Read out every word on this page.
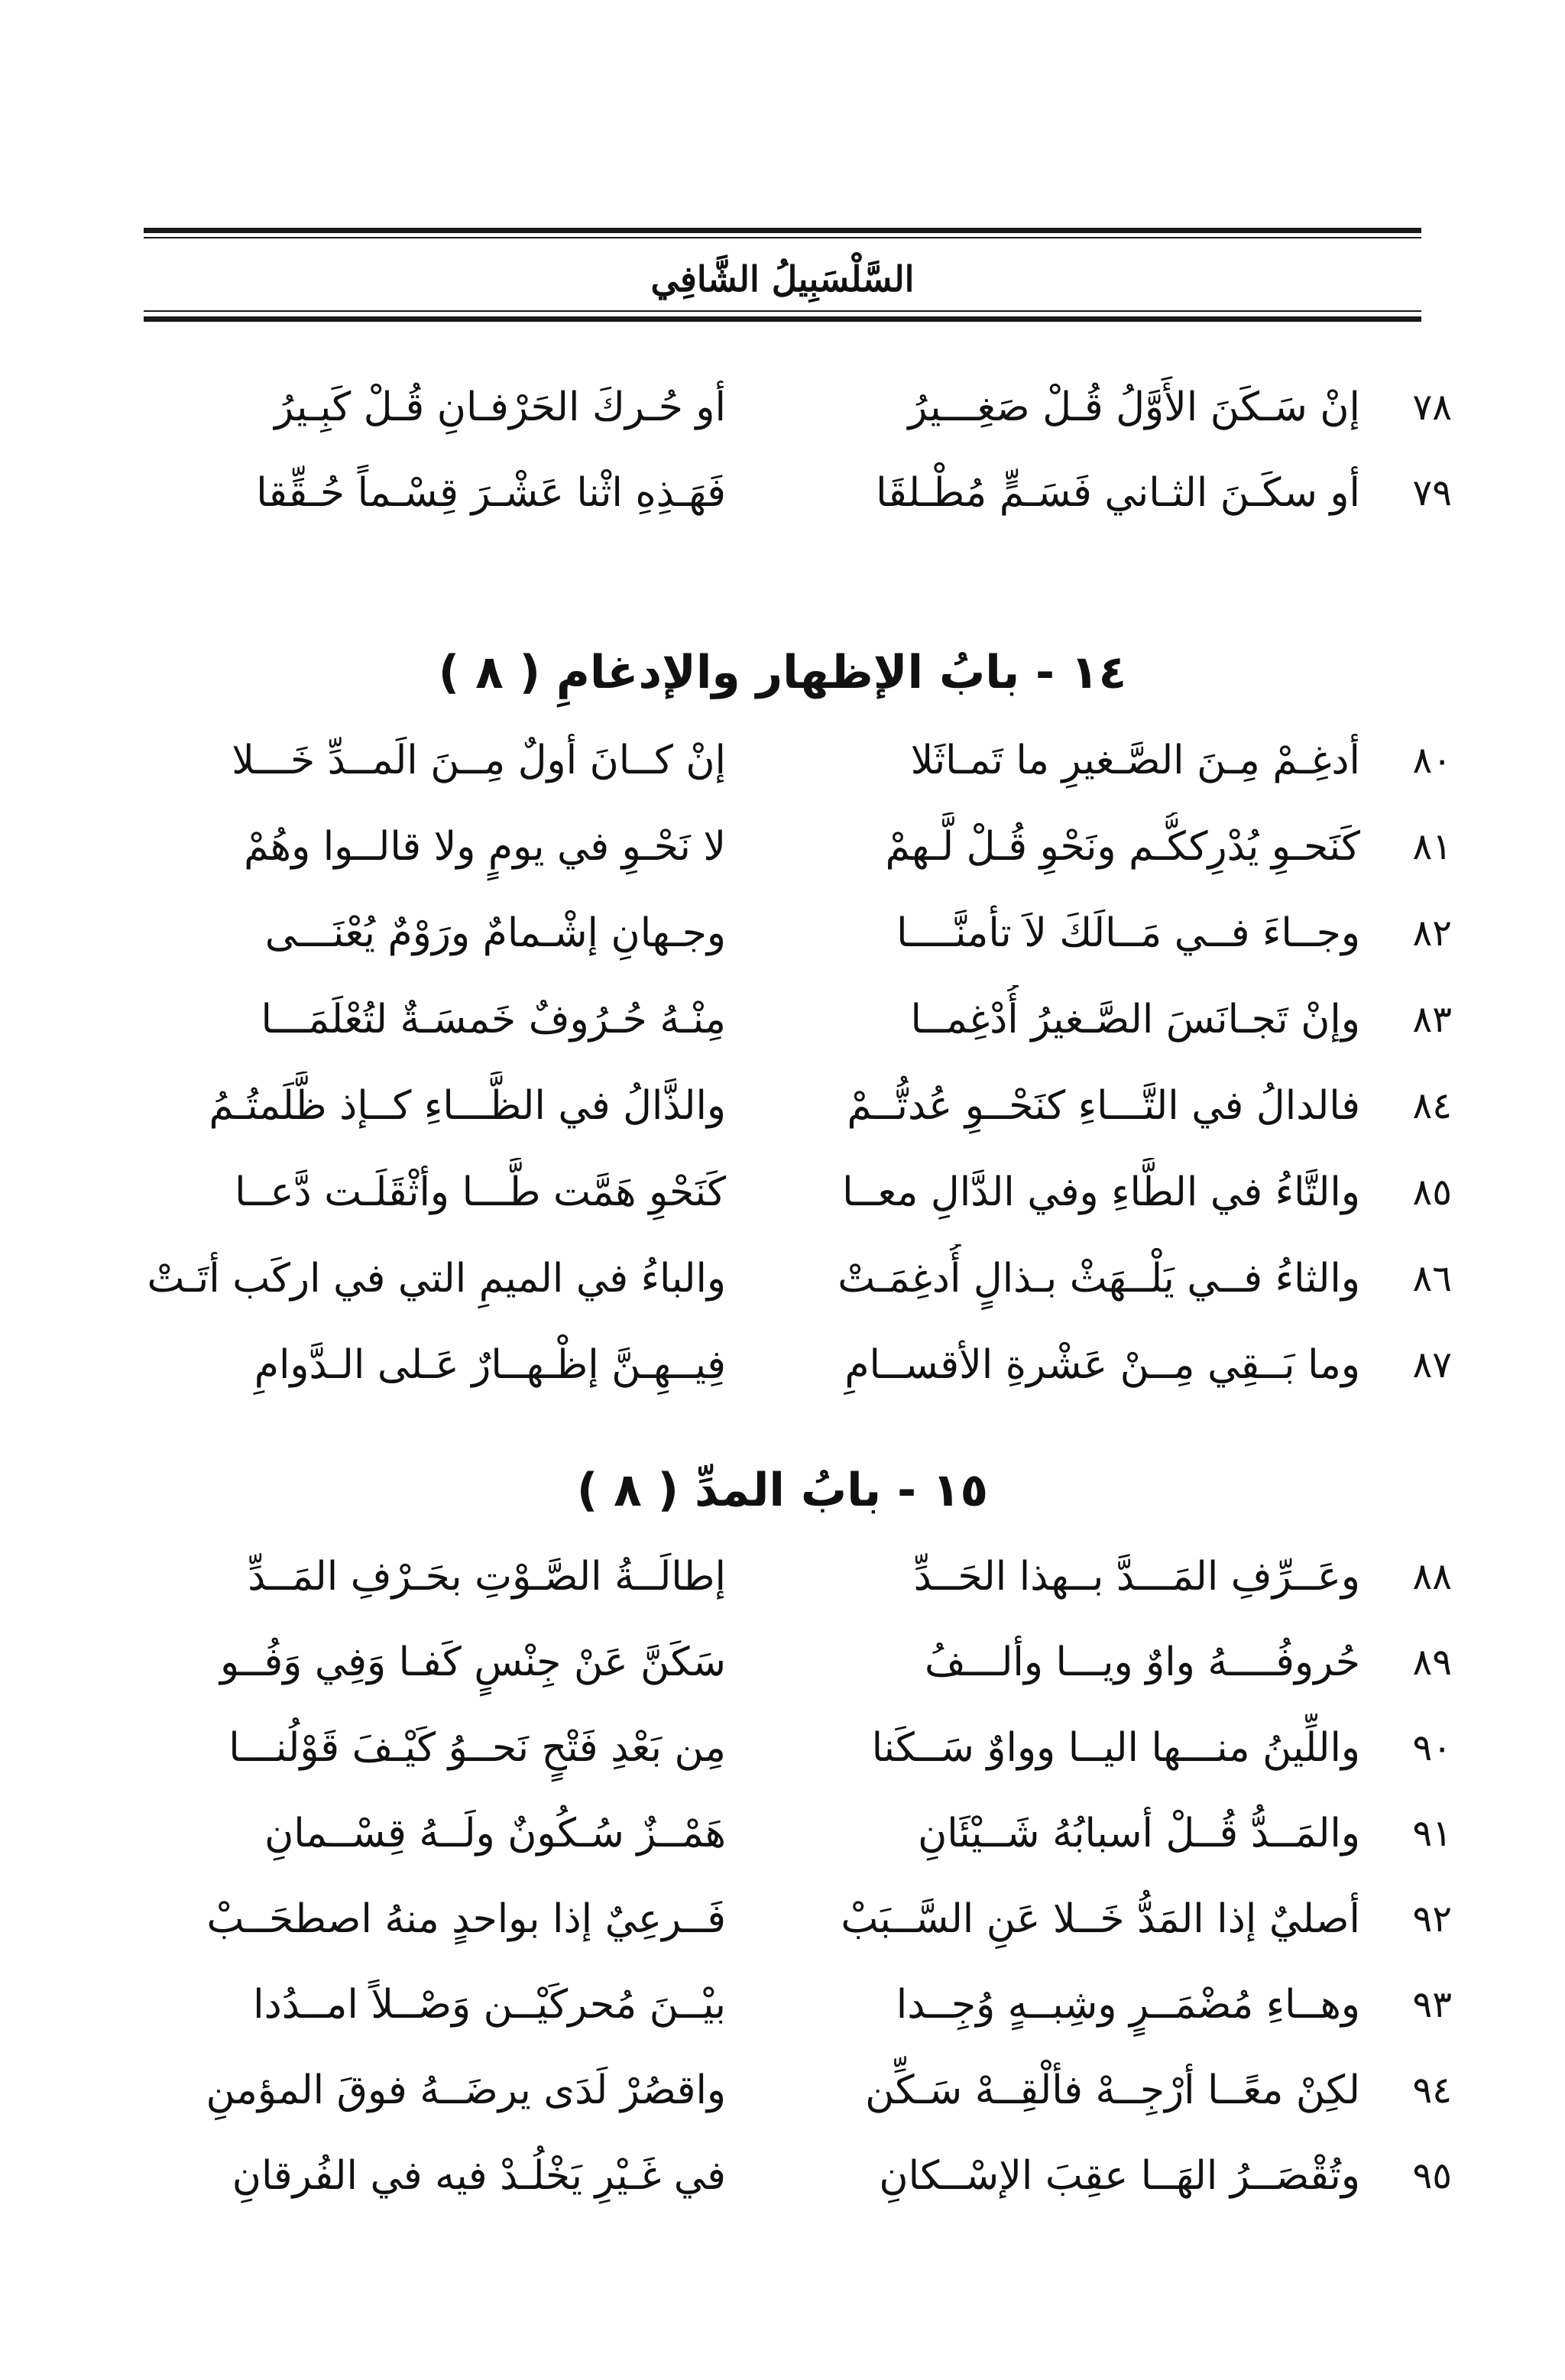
السَّلْسَبِيلُ الشَّافِي
٧٨
إنْ سَـكَنَ الأَوَّلُ قُـلْ صَغِـــيرُ
أو حُـركَ الحَرْفـانِ قُـلْ كَبِـيرُ
٧٩
أو سكَـنَ الثـاني فَسَـمٍّ مُطْـلقَا
فَهَـذِهِ اثْنا عَشْـرَ قِسْـماً حُـقِّقا
١٤ - بابُ الإظهار والإدغامِ ( ٨ )
٨٠
أدغِـمْ مِـنَ الصَّـغيرِ ما تَمـاثَلا
إنْ كــانَ أولٌ مِــنَ الَمــدِّ خَـــلا
٨١
كَنَحـوِ يُدْرِككُّـم ونَحْوِ قُـلْ لَّـهمْ
لا نَحْـوِ في يومٍ ولا قالــوا وهُمْ
٨٢
وجــاءَ فــي مَــالَكَ لاَ تأمنَّــــا
وجـهانِ إشْـمامٌ ورَوْمٌ يُعْنَـــى
٨٣
وإنْ تَجـانَسَ الصَّـغيرُ أُدْغِمــا
مِنْـهُ حُـرُوفٌ خَمسَـةٌ لتُعْلَمَـــا
٨٤
فالدالُ في التَّـــاءِ كنَحْــوِ عُدتُّــمْ
والذَّالُ في الظَّـــاءِ كــإذ ظَّلَمتُـمُ
٨٥
والتَّاءُ في الطَّاءِ وفي الدَّالِ معــا
كَنَحْوِ هَمَّت طَّـــا وأثْقَلَـت دَّعــا
٨٦
والثاءُ فــي يَلْــهَثْ بـذالٍ أُدغِمَـتْ
والباءُ في الميمِ التي في اركَب أتَـتْ
٨٧
وما بَــقِي مِــنْ عَشْرةِ الأقســامِ
فِيــهِـنَّ إظْـهــارٌ عَـلى الـدَّوامِ
١٥ - بابُ المدِّ ( ٨ )
٨٨
وعَــرِّفِ المَـــدَّ بــهذا الحَــدِّ
إطالَــةُ الصَّـوْتِ بحَـرْفِ المَــدِّ
٨٩
حُروفُــــهُ واوٌ ويـــا وألـــفُ
سَكَنَّ عَنْ جِنْسٍ كَفـا وَفِي وَفُــو
٩٠
واللِّينُ منـــها اليــا وواوٌ سَــكَنا
مِن بَعْدِ فَتْحٍ نَحــوُ كَيْـفَ قَوْلُنـــا
٩١
والمَــدُّ قُــلْ أسبابُهُ شَــيْئَانِ
هَمْــزٌ سُـكُونٌ ولَــهُ قِسْــمانِ
٩٢
أصليٌ إذا المَدُّ خَــلا عَنِ السَّــبَبْ
فَــرعِيٌ إذا بواحدٍ منهُ اصطحَــبْ
٩٣
وهــاءِ مُضْمَــرٍ وشِبــهٍ وُجِــدا
بيْــنَ مُحركَيْــن وَصْــلاً امــدُدا
٩٤
لكِنْ معًــا أرْجِــهْ فألْقِــهْ سَـكِّن
واقصُرْ لَدَى يرضَــهُ فوقَ المؤمنِ
٩٥
وتُقْصَــرُ الهَــا عقِبَ الإسْــكانِ
في غَـيْرِ يَخْلُـدْ فيه في الفُرقانِ
